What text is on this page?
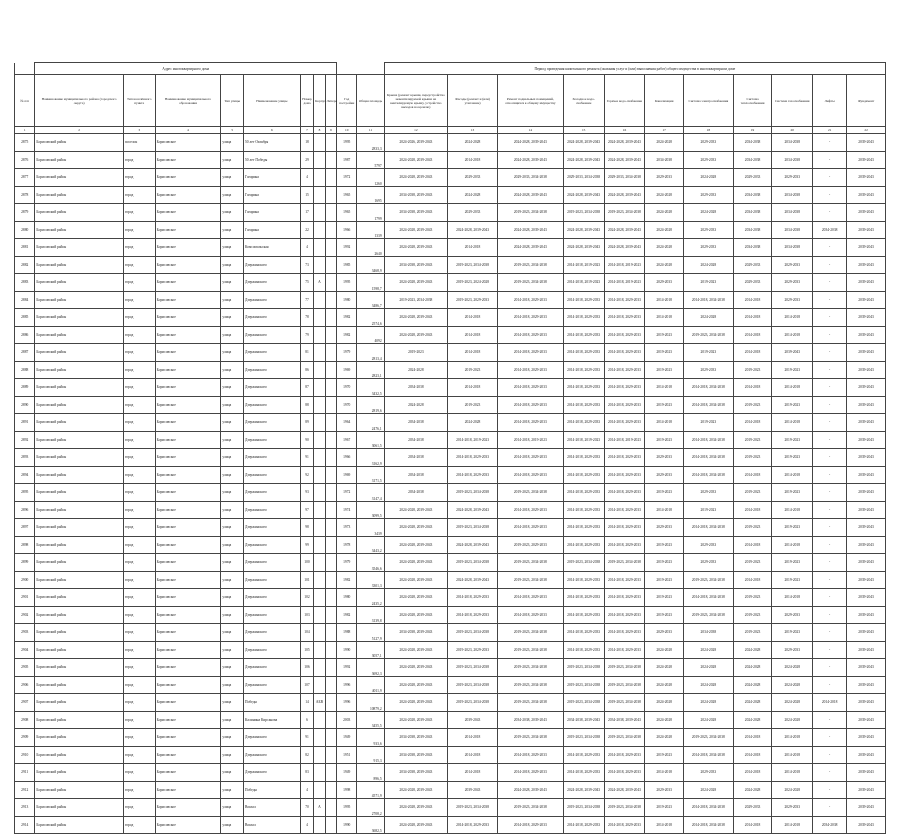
	Адрес многоквартирного дома										Период проведения капитального ремонта (оказания услуг и (или) выполнения работ) общего имущества в многоквартирном доме										
№ п/п	Наименование муниципального района (городского округа)	Тип населённого пункта	Наименование муниципального образования	Тип улицы	Наименование улицы	Номер дома	Корпус	Литера	Год постройки	Общая площадь	Крыша (ремонт крыши, переустройство невентилируемой крыши на вентилируемую крышу, устройство выходов на кровлю)	Фасады (ремонт и (или) утепление)	Ремонт подвальных помещений, относящихся к общему имуществу	Холодное водо-снабжение	Горячее водо-снабжение	Канализация	Система электроснабжения	Система теплоснабжения	Система газоснабжения	Лифты	Фундамент
1	2	3	4	5	6	7	8	9	10	11	12	13	14	15	16	17	18	19	20	21	22
2875	Борисовский район	поселок	Борисовское	улица	50 лет Октября	18			1995	2833,3	2024-2026, 2039-2043	2024-2028	2024-2028, 2039-2043	2024-2028, 2039-2043	2024-2028, 2039-2043	2024-2028	2029-2033	2034-2038	2034-2038	-	2039-2043
2876	Борисовский район	город	Борисовское	улица	50 лет Победы	29			1987	5797	2024-2028, 2039-2043	2014-2018	2024-2028, 2039-2043	2024-2028, 2039-2043	2024-2028, 2039-2043	2034-2038	2029-2033	2034-2038	2034-2038	-	2039-2043
2877	Борисовский район	город	Борисовское	улица	Гагарина	4			1972	1260	2024-2028, 2039-2043	2029-2033	2029-2033, 2034-2038	2029-2033, 2034-2038	2029-2033, 2034-2038	2029-2033	2024-2028	2029-2033	2029-2033	-	2039-2043
2878	Борисовский район	город	Борисовское	улица	Гагарина	15			1965	1695	2034-2038, 2039-2043	2024-2028	2024-2028, 2039-2043	2024-2028, 2039-2043	2024-2028, 2039-2043	2024-2028	2029-2033	2034-2038	2034-2038	-	2039-2043
2879	Борисовский район	город	Борисовское	улица	Гагарина	17			1965	1799	2034-2038, 2039-2043	2029-2033	2019-2023, 2034-2038	2019-2023, 2034-2038	2019-2023, 2034-2038	2024-2028	2024-2028	2034-2038	2034-2038	-	2039-2043
2880	Борисовский район	город	Борисовское	улица	Гагарина	22			1966	1339	2024-2028, 2039-2043	2024-2028, 2039-2043	2024-2028, 2039-2043	2024-2028, 2039-2043	2024-2028, 2039-2043	2024-2028	2029-2033	2034-2038	2034-2038	2034-2038	2039-2043
2881	Борисовский район	город	Борисовское	улица	Комсомольская	4			1992	2640	2024-2028, 2039-2043	2014-2018	2024-2028, 2039-2043	2024-2028, 2039-2043	2024-2028, 2039-2043	2024-2028	2029-2033	2034-2038	2034-2038	-	2039-2043
2882	Борисовский район	город	Борисовское	улица	Дзержинского	73			1985	3468,9	2034-2038, 2039-2043	2019-2023, 2034-2038	2019-2023, 2034-2038	2014-2018, 2019-2023	2014-2018, 2019-2023	2024-2028	2024-2028	2029-2033	2029-2033	-	2039-2043
2883	Борисовский район	город	Борисовское	улица	Дзержинского	75	А		1995	1598,7	2024-2028, 2039-2043	2019-2023, 2024-2028	2019-2023, 2034-2038	2014-2018, 2019-2023	2014-2018, 2019-2023	2029-2033	2019-2023	2029-2033	2029-2033	-	2039-2043
2884	Борисовский район	город	Борисовское	улица	Дзержинского	77			1980	3486,7	2019-2023, 2034-2038	2019-2023, 2029-2033	2014-2018, 2029-2033	2014-2018, 2029-2033	2014-2018, 2029-2033	2014-2018	2014-2018, 2034-2038	2014-2018	2029-2033	-	2039-2043
2885	Борисовский район	город	Борисовское	улица	Дзержинского	78			1982	2574,6	2024-2028, 2039-2043	2014-2018	2014-2018, 2029-2033	2014-2018, 2029-2033	2014-2018, 2029-2033	2014-2018	2024-2028	2014-2018	2014-2018	-	2039-2043
2886	Борисовский район	город	Борисовское	улица	Дзержинского	79			1982	4092	2024-2028, 2039-2043	2014-2018	2014-2018, 2029-2033	2014-2018, 2029-2033	2014-2018, 2029-2033	2019-2023	2019-2023, 2034-2038	2014-2018	2014-2018	-	2039-2043
2887	Борисовский район	город	Борисовское	улица	Дзержинского	81			1979	2813,4	2019-2023	2014-2018	2014-2018, 2029-2033	2014-2018, 2029-2033	2014-2018, 2029-2033	2019-2023	2019-2023	2014-2018	2039-2043	-	2039-2043
2888	Борисовский район	город	Борисовское	улица	Дзержинского	86			1969	2823,1	2024-2028	2019-2023	2014-2018, 2029-2033	2014-2018, 2029-2033	2014-2018, 2029-2033	2019-2023	2029-2033	2019-2023	2019-2023	-	2039-2043
2889	Борисовский район	город	Борисовское	улица	Дзержинского	87			1970	3432,5	2034-2038	2014-2018	2014-2018, 2029-2033	2014-2018, 2029-2033	2014-2018, 2029-2033	2014-2018	2014-2018, 2034-2038	2014-2018	2014-2018	-	2039-2043
2890	Борисовский район	город	Борисовское	улица	Дзержинского	88			1970	2819,6	2024-2028	2019-2023	2014-2018, 2029-2033	2014-2018, 2029-2033	2014-2018, 2029-2033	2019-2023	2014-2018, 2034-2038	2019-2023	2019-2023	-	2039-2043
2891	Борисовский район	город	Борисовское	улица	Дзержинского	89			1964	2476,1	2034-2038	2024-2028	2014-2018, 2029-2033	2014-2018, 2029-2033	2014-2018, 2029-2033	2014-2018	2019-2023	2014-2018	2014-2018	-	2039-2043
2892	Борисовский район	город	Борисовское	улица	Дзержинского	90			1967	3061,5	2034-2038	2014-2018, 2019-2023	2014-2018, 2019-2023	2014-2018, 2019-2023	2014-2018, 2019-2023	2019-2023	2014-2018, 2034-2038	2019-2023	2019-2023	-	2039-2043
2893	Борисовский район	город	Борисовское	улица	Дзержинского	91			1966	3162,9	2034-2038	2014-2018, 2029-2033	2014-2018, 2029-2033	2014-2018, 2029-2033	2014-2018, 2029-2033	2029-2033	2014-2018, 2034-2038	2019-2023	2019-2023	-	2039-2043
2894	Борисовский район	город	Борисовское	улица	Дзержинского	92			1969	3171,5	2034-2038	2014-2018, 2029-2033	2014-2018, 2029-2033	2014-2018, 2029-2033	2014-2018, 2029-2033	2029-2033	2014-2018, 2034-2038	2014-2018	2014-2018	-	2039-2043
2895	Борисовский район	город	Борисовское	улица	Дзержинского	93			1972	3147,4	2034-2038	2019-2023, 2034-2038	2019-2023, 2034-2038	2014-2018, 2029-2033	2014-2018, 2029-2033	2019-2023	2029-2033	2019-2023	2019-2023	-	2039-2043
2896	Борисовский район	город	Борисовское	улица	Дзержинского	97			1974	3099,5	2024-2028, 2039-2043	2024-2028, 2039-2043	2014-2018, 2029-2033	2014-2018, 2029-2033	2014-2018, 2029-2033	2014-2018	2019-2023	2014-2018	2014-2018	-	2039-2043
2897	Борисовский район	город	Борисовское	улица	Дзержинского	98			1973	3439	2024-2028, 2039-2043	2019-2023, 2034-2038	2014-2018, 2029-2033	2014-2018, 2029-2033	2014-2018, 2029-2033	2029-2033	2014-2018, 2034-2038	2019-2023	2019-2023	-	2039-2043
2898	Борисовский район	город	Борисовское	улица	Дзержинского	99			1978	3443,2	2024-2028, 2039-2043	2024-2028, 2039-2043	2019-2023, 2029-2033	2014-2018, 2029-2033	2014-2018, 2029-2033	2019-2023	2029-2033	2014-2018	2014-2018	-	2039-2043
2899	Борисовский район	город	Борисовское	улица	Дзержинского	100			1979	3546,6	2024-2028, 2039-2043	2019-2023, 2034-2038	2019-2023, 2034-2038	2019-2023, 2034-2038	2019-2023, 2034-2038	2019-2023	2029-2033	2019-2023	2019-2023	-	2039-2043
2900	Борисовский район	город	Борисовское	улица	Дзержинского	101			1982	3301,3	2024-2028, 2039-2043	2024-2028, 2039-2043	2019-2023, 2034-2038	2014-2018, 2029-2033	2014-2018, 2029-2033	2019-2023	2019-2023, 2034-2038	2014-2018	2019-2023	-	2039-2043
2901	Борисовский район	город	Борисовское	улица	Дзержинского	102			1980	2435,2	2024-2028, 2039-2043	2014-2018, 2029-2033	2014-2018, 2029-2033	2014-2018, 2029-2033	2014-2018, 2029-2033	2019-2023	2014-2018, 2034-2038	2019-2023	2014-2018	-	2039-2043
2902	Борисовский район	город	Борисовское	улица	Дзержинского	103			1982	3139,8	2024-2028, 2039-2043	2014-2018, 2029-2033	2014-2018, 2029-2033	2014-2018, 2029-2033	2014-2018, 2029-2033	2019-2023	2019-2023, 2034-2038	2019-2023	2029-2033	-	2039-2043
2903	Борисовский район	город	Борисовское	улица	Дзержинского	104			1988	5127,9	2034-2038, 2039-2043	2019-2023, 2034-2038	2019-2023, 2034-2038	2014-2018, 2029-2033	2014-2018, 2029-2033	2029-2033	2034-2038	2019-2023	2019-2023	-	2039-2043
2904	Борисовский район	город	Борисовское	улица	Дзержинского	105			1990	3057,1	2024-2028, 2039-2043	2019-2023, 2029-2033	2019-2023, 2034-2038	2014-2018, 2029-2033	2014-2018, 2029-2033	2024-2028	2024-2028	2024-2028	2029-2033	-	2039-2043
2905	Борисовский район	город	Борисовское	улица	Дзержинского	106			1992	3692,3	2024-2028, 2039-2043	2019-2023, 2034-2038	2019-2023, 2034-2038	2019-2023, 2034-2038	2019-2023, 2034-2038	2024-2028	2024-2028	2024-2028	2024-2028	-	2039-2043
2906	Борисовский район	город	Борисовское	улица	Дзержинского	107			1996	4011,9	2024-2028, 2039-2043	2019-2023, 2034-2038	2019-2023, 2034-2038	2019-2023, 2034-2038	2019-2023, 2034-2038	2024-2028	2024-2028	2024-2028	2024-2028	-	2039-2043
2907	Борисовский район	город	Борисовское	улица	Победы	14	АБВ		1996	10879,2	2024-2028, 2039-2043	2019-2023, 2034-2038	2019-2023, 2034-2038	2019-2023, 2034-2038	2019-2023, 2034-2038	2024-2028	2024-2028	2024-2028	2024-2028	2014-2018	2039-2043
2908	Борисовский район	город	Борисовское	улица	Калинина Кирсанова	6			2003	3455,5	2024-2028, 2039-2043	2039-2043	2034-2038, 2039-2043	2034-2038, 2039-2043	2034-2038, 2039-2043	2024-2028	2024-2028	2024-2028	2024-2028	-	2039-2043
2909	Борисовский район	город	Борисовское	улица	Дзержинского	91			1949	933,6	2034-2038, 2039-2043	2014-2018	2019-2023, 2034-2038	2019-2023, 2034-2038	2019-2023, 2034-2038	2024-2028	2019-2023, 2034-2038	2014-2018	2014-2018	-	2039-2043
2910	Борисовский район	город	Борисовское	улица	Дзержинского	82			1951	915,3	2034-2038, 2039-2043	2014-2018	2014-2018, 2029-2033	2014-2018, 2029-2033	2014-2018, 2029-2033	2019-2023	2014-2018, 2034-2038	2014-2018	2014-2018	-	2039-2043
2911	Борисовский район	город	Борисовское	улица	Дзержинского	83			1949	896,5	2034-2038, 2039-2043	2014-2018	2014-2018, 2029-2033	2014-2018, 2029-2033	2014-2018, 2029-2033	2014-2018	2029-2033	2014-2018	2014-2018	-	2039-2043
2912	Борисовский район	город	Борисовское	улица	Победы	4			1998	4571,9	2024-2028, 2039-2043	2039-2043	2024-2028, 2039-2043	2024-2028, 2039-2043	2024-2028, 2039-2043	2029-2033	2024-2028	2024-2028	2024-2028	-	2039-2043
2913	Борисовский район	город	Борисовское	улица	Вокзал	70	А		1995	2708,2	2024-2028, 2039-2043	2019-2023, 2034-2038	2019-2023, 2034-2038	2019-2023, 2034-2038	2019-2023, 2034-2038	2019-2023	2014-2018, 2034-2038	2029-2033	2029-2033	-	2039-2043
2914	Борисовский район	город	Борисовское	улица	Вокзал	4			1990	3682,5	2024-2028, 2039-2043	2014-2018, 2029-2033	2014-2018, 2029-2033	2014-2018, 2029-2033	2014-2018, 2029-2033	2014-2018	2014-2018, 2034-2038	2014-2018	2014-2018	2034-2038	2039-2043
